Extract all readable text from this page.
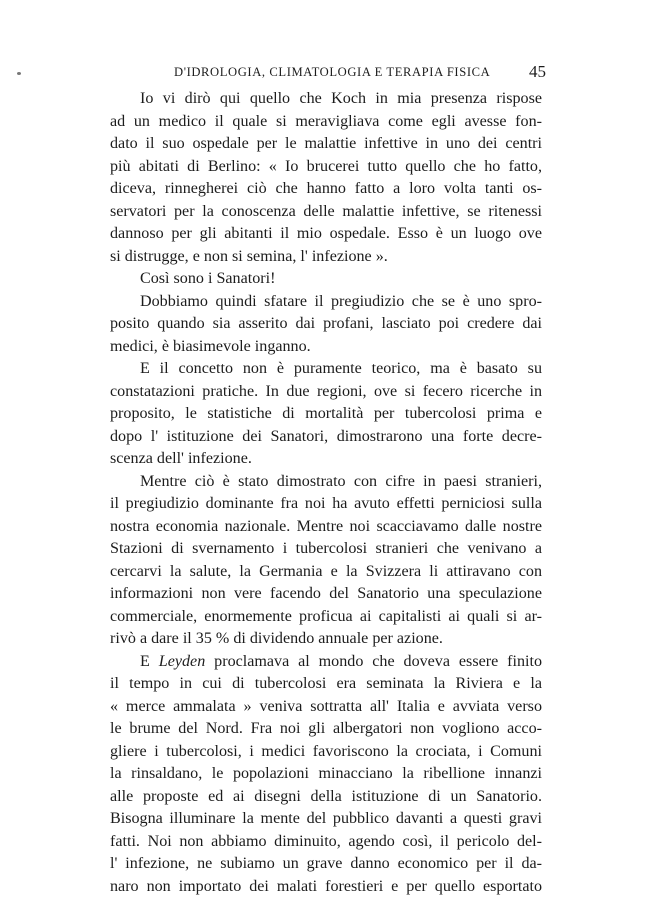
D'IDROLOGIA, CLIMATOLOGIA E TERAPIA FISICA 45
Io vi dirò qui quello che Koch in mia presenza rispose
ad un medico il quale si meravigliava come egli avesse fon-
dato il suo ospedale per le malattie infettive in uno dei centri
più abitati di Berlino: « Io brucerei tutto quello che ho fatto,
diceva, rinnegherei ciò che hanno fatto a loro volta tanti os-
servatori per la conoscenza delle malattie infettive, se ritenessi
dannoso per gli abitanti il mio ospedale. Esso è un luogo ove
si distrugge, e non si semina, l' infezione ».
Così sono i Sanatori!
Dobbiamo quindi sfatare il pregiudizio che se è uno spro-
posito quando sia asserito dai profani, lasciato poi credere dai
medici, è biasimevole inganno.
E il concetto non è puramente teorico, ma è basato su
constatazioni pratiche. In due regioni, ove si fecero ricerche in
proposito, le statistiche di mortalità per tubercolosi prima e
dopo l' istituzione dei Sanatori, dimostrarono una forte decre-
scenza dell' infezione.
Mentre ciò è stato dimostrato con cifre in paesi stranieri,
il pregiudizio dominante fra noi ha avuto effetti perniciosi sulla
nostra economia nazionale. Mentre noi scacciavamo dalle nostre
Stazioni di svernamento i tubercolosi stranieri che venivano a
cercarvi la salute, la Germania e la Svizzera li attiravano con
informazioni non vere facendo del Sanatorio una speculazione
commerciale, enormemente proficua ai capitalisti ai quali si ar-
rivò a dare il 35 % di dividendo annuale per azione.
E Leyden proclamava al mondo che doveva essere finito
il tempo in cui di tubercolosi era seminata la Riviera e la
« merce ammalata » veniva sottratta all' Italia e avviata verso
le brume del Nord. Fra noi gli albergatori non vogliono acco-
gliere i tubercolosi, i medici favoriscono la crociata, i Comuni
la rinsaldano, le popolazioni minacciano la ribellione innanzi
alle proposte ed ai disegni della istituzione di un Sanatorio.
Bisogna illuminare la mente del pubblico davanti a questi gravi
fatti. Noi non abbiamo diminuito, agendo così, il pericolo del-
l' infezione, ne subiamo un grave danno economico per il da-
naro non importato dei malati forestieri e per quello esportato
